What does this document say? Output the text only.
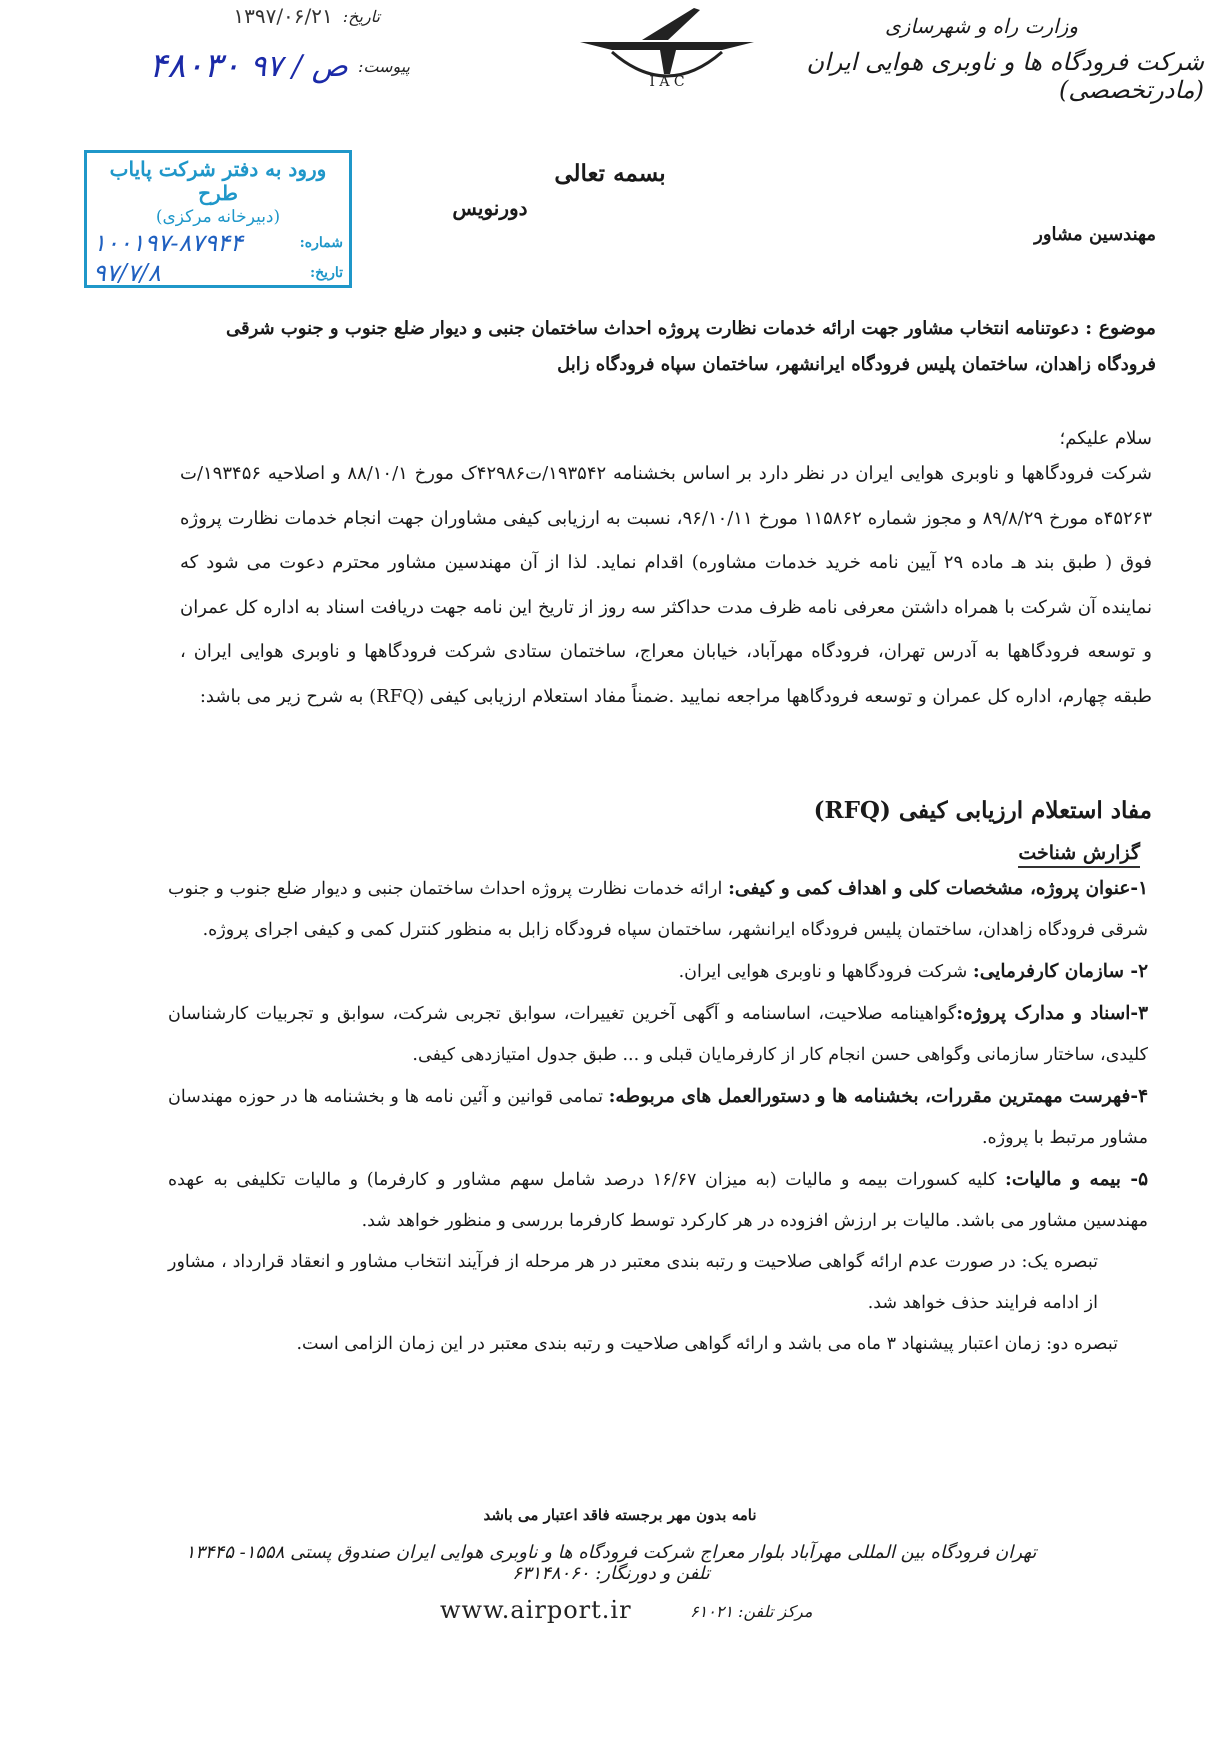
وزارت راه و شهرسازی
شرکت فرودگاه ها و ناوبری هوایی ایران (مادرتخصصی)
I A C
تاریخ:
۱۳۹۷/۰۶/۲۱
پیوست:
ص / ۹۷
۴۸۰۳۰
ورود به دفتر شرکت پایاب طرح
(دبیرخانه مرکزی)
شماره:
۱۰۰۱۹۷-۸۷۹۴۴
تاریخ:
۹۷/۷/۸
بسمه تعالی
دورنویس
مهندسین مشاور
موضوع : دعوتنامه انتخاب مشاور جهت ارائه خدمات نظارت پروژه احداث ساختمان جنبی و دیوار ضلع جنوب و جنوب شرقی فرودگاه زاهدان، ساختمان پلیس فرودگاه ایرانشهر، ساختمان سپاه فرودگاه زابل
سلام علیکم؛
شرکت فرودگاهها و ناوبری هوایی ایران در نظر دارد بر اساس بخشنامه ۱۹۳۵۴۲/ت۴۲۹۸۶ک مورخ ۸۸/۱۰/۱ و اصلاحیه ۱۹۳۴۵۶/ت ۴۵۲۶۳ه مورخ ۸۹/۸/۲۹ و مجوز شماره ۱۱۵۸۶۲ مورخ ۹۶/۱۰/۱۱، نسبت به ارزیابی کیفی مشاوران جهت انجام خدمات نظارت پروژه فوق ( طبق بند هـ ماده ۲۹ آیین نامه خرید خدمات مشاوره) اقدام نماید. لذا از آن مهندسین مشاور محترم دعوت می شود که نماینده آن شرکت با همراه داشتن معرفی نامه ظرف مدت حداکثر سه روز از تاریخ این نامه جهت دریافت اسناد به اداره کل عمران و توسعه فرودگاهها به آدرس تهران، فرودگاه مهرآباد، خیابان معراج، ساختمان ستادی شرکت فرودگاهها و ناوبری هوایی ایران ، طبقه چهارم، اداره کل عمران و توسعه فرودگاهها مراجعه نمایید .ضمناً مفاد استعلام ارزیابی کیفی (RFQ) به شرح زیر می باشد:
مفاد استعلام ارزیابی کیفی (RFQ)
گزارش شناخت

۱-عنوان پروژه، مشخصات کلی و اهداف کمی و کیفی: ارائه خدمات نظارت پروژه احداث ساختمان جنبی و دیوار ضلع جنوب و جنوب شرقی فرودگاه زاهدان، ساختمان پلیس فرودگاه ایرانشهر، ساختمان سپاه فرودگاه زابل به منظور کنترل کمی و کیفی اجرای پروژه.

۲- سازمان کارفرمایی: شرکت فرودگاهها و ناوبری هوایی ایران.

۳-اسناد و مدارک پروژه:گواهینامه صلاحیت، اساسنامه و آگهی آخرین تغییرات، سوابق تجربی شرکت، سوابق و تجربیات کارشناسان کلیدی، ساختار سازمانی وگواهی حسن انجام کار از کارفرمایان قبلی و ... طبق جدول امتیازدهی کیفی.

۴-فهرست مهمترین مقررات، بخشنامه ها و دستورالعمل های مربوطه: تمامی قوانین و آئین نامه ها و بخشنامه ها در حوزه مهندسان مشاور مرتبط با پروژه.

۵- بیمه و مالیات: کلیه کسورات بیمه و مالیات (به میزان ۱۶/۶۷ درصد شامل سهم مشاور و کارفرما) و مالیات تکلیفی به عهده مهندسین مشاور می باشد. مالیات بر ارزش افزوده در هر کارکرد توسط کارفرما بررسی و منظور خواهد شد.

تبصره یک: در صورت عدم ارائه گواهی صلاحیت و رتبه بندی معتبر در هر مرحله از فرآیند انتخاب مشاور و انعقاد قرارداد ، مشاور از ادامه فرایند حذف خواهد شد.

تبصره دو: زمان اعتبار پیشنهاد ۳ ماه می باشد و ارائه گواهی صلاحیت و رتبه بندی معتبر در این زمان الزامی است.

نامه بدون مهر برجسته فاقد اعتبار می باشد
تهران فرودگاه بین المللی مهرآباد بلوار معراج شرکت فرودگاه ها و ناوبری هوایی ایران صندوق پستی ۱۵۵۸- ۱۳۴۴۵ تلفن و دورنگار: ۶۳۱۴۸۰۶۰
www.airport.ir	مرکز تلفن: ۶۱۰۲۱
